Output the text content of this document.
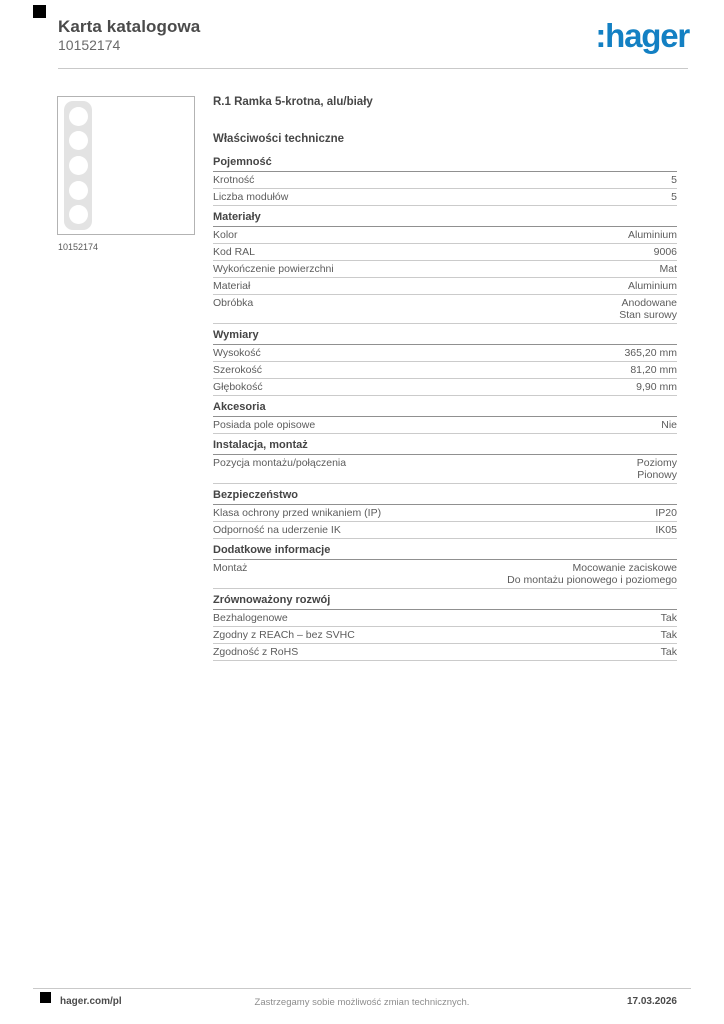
Karta katalogowa
10152174	:hager
10152174
R.1 Ramka 5-krotna, alu/biały
Właściwości techniczne
Pojemność
Krotność	5
Liczba modułów	5
Materiały
Kolor	Aluminium
Kod RAL	9006
Wykończenie powierzchni	Mat
Materiał	Aluminium
Obróbka	Anodowane
Stan surowy
Wymiary
Wysokość	365,20 mm
Szerokość	81,20 mm
Głębokość	9,90 mm
Akcesoria
Posiada pole opisowe	Nie
Instalacja, montaż
Pozycja montażu/połączenia	Poziomy
Pionowy
Bezpieczeństwo
Klasa ochrony przed wnikaniem (IP)	IP20
Odporność na uderzenie IK	IK05
Dodatkowe informacje
Montaż	Mocowanie zaciskowe
Do montażu pionowego i poziomego
Zrównoważony rozwój
Bezhalogenowe	Tak
Zgodny z REACh – bez SVHC	Tak
Zgodność z RoHS	Tak
hager.com/pl	Zastrzegamy sobie możliwość zmian technicznych.	17.03.2026
